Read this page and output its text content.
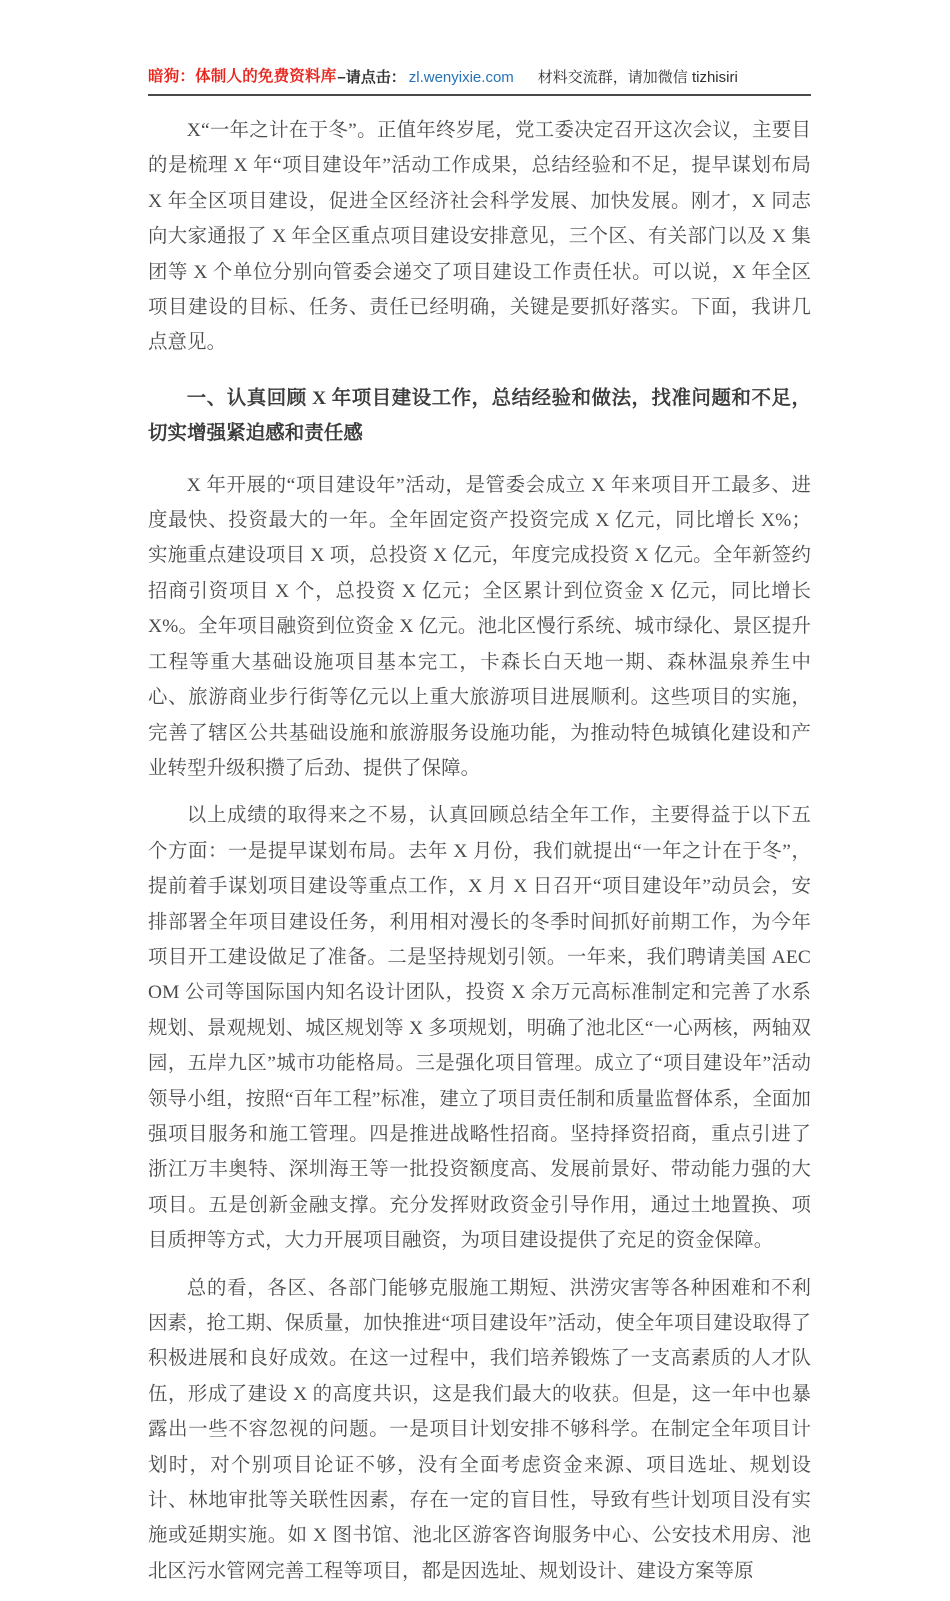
暗狗：体制人的免费资料库 –请点击： zl.wenyixie.com 材料交流群，请加微信 tizhisiri

X“一年之计在于冬”。正值年终岁尾，党工委决定召开这次会议，主要目的是梳理 X 年“项目建设年”活动工作成果，总结经验和不足，提早谋划布局 X 年全区项目建设，促进全区经济社会科学发展、加快发展。刚才，X 同志向大家通报了 X 年全区重点项目建设安排意见，三个区、有关部门以及 X 集团等 X 个单位分别向管委会递交了项目建设工作责任状。可以说，X 年全区项目建设的目标、任务、责任已经明确，关键是要抓好落实。下面，我讲几点意见。

一、认真回顾 X 年项目建设工作，总结经验和做法，找准问题和不足，切实增强紧迫感和责任感

X 年开展的“项目建设年”活动，是管委会成立 X 年来项目开工最多、进度最快、投资最大的一年。全年固定资产投资完成 X 亿元，同比增长 X%；实施重点建设项目 X 项，总投资 X 亿元，年度完成投资 X 亿元。全年新签约招商引资项目 X 个，总投资 X 亿元；全区累计到位资金 X 亿元，同比增长 X%。全年项目融资到位资金 X 亿元。池北区慢行系统、城市绿化、景区提升工程等重大基础设施项目基本完工，卡森长白天地一期、森林温泉养生中心、旅游商业步行街等亿元以上重大旅游项目进展顺利。这些项目的实施，完善了辖区公共基础设施和旅游服务设施功能，为推动特色城镇化建设和产业转型升级积攒了后劲、提供了保障。

以上成绩的取得来之不易，认真回顾总结全年工作，主要得益于以下五个方面：一是提早谋划布局。去年 X 月份，我们就提出“一年之计在于冬”，提前着手谋划项目建设等重点工作，X 月 X 日召开“项目建设年”动员会，安排部署全年项目建设任务，利用相对漫长的冬季时间抓好前期工作，为今年项目开工建设做足了准备。二是坚持规划引领。一年来，我们聘请美国 AECOM 公司等国际国内知名设计团队，投资 X 余万元高标准制定和完善了水系规划、景观规划、城区规划等 X 多项规划，明确了池北区“一心两核，两轴双园，五岸九区”城市功能格局。三是强化项目管理。成立了“项目建设年”活动领导小组，按照“百年工程”标准，建立了项目责任制和质量监督体系，全面加强项目服务和施工管理。四是推进战略性招商。坚持择资招商，重点引进了浙江万丰奥特、深圳海王等一批投资额度高、发展前景好、带动能力强的大项目。五是创新金融支撑。充分发挥财政资金引导作用，通过土地置换、项目质押等方式，大力开展项目融资，为项目建设提供了充足的资金保障。

总的看，各区、各部门能够克服施工期短、洪涝灾害等各种困难和不利因素，抢工期、保质量，加快推进“项目建设年”活动，使全年项目建设取得了积极进展和良好成效。在这一过程中，我们培养锻炼了一支高素质的人才队伍，形成了建设 X 的高度共识，这是我们最大的收获。但是，这一年中也暴露出一些不容忽视的问题。一是项目计划安排不够科学。在制定全年项目计划时，对个别项目论证不够，没有全面考虑资金来源、项目选址、规划设计、林地审批等关联性因素，存在一定的盲目性，导致有些计划项目没有实施或延期实施。如 X 图书馆、池北区游客咨询服务中心、公安技术用房、池北区污水管网完善工程等项目，都是因选址、规划设计、建设方案等原
